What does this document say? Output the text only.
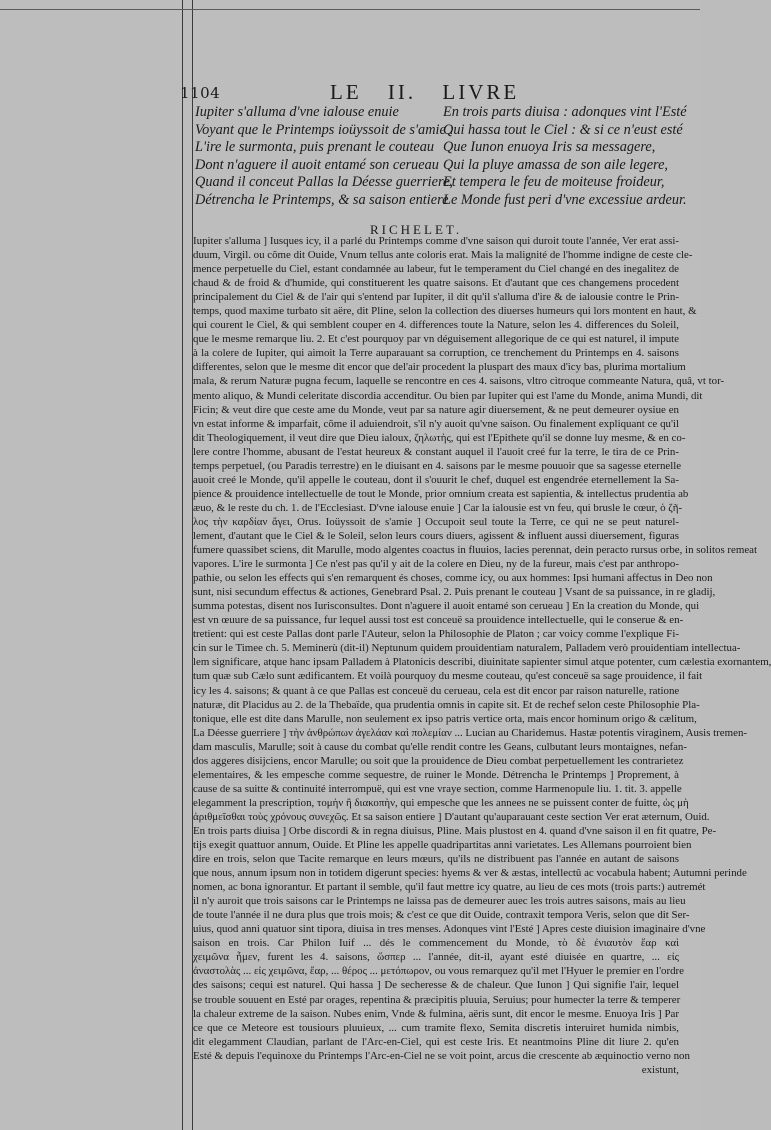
1104	LE II. LIVRE
Iupiter s'alluma d'vne ialouse enuie
Voyant que le Printemps ioüyssoit de s'amie :
L'ire le surmonta, puis prenant le couteau
Dont n'aguere il auoit entamé son cerueau
Quand il conceut Pallas la Déesse guerriere,
Détrencha le Printemps, & sa saison entiere
En trois parts diuisa : adonques vint l'Esté
Qui hassa tout le Ciel : & si ce n'eust esté
Que Iunon enuoya Iris sa messagere,
Qui la pluye amassa de son aile legere,
Et tempera le feu de moiteuse froideur,
Le Monde fust peri d'vne excessiue ardeur.
RICHELET.
Iupiter s'alluma ] Iusques icy, il a parlé du Printemps comme d'vne saison qui duroit toute l'année, Ver erat assi-
duum, Virgil. ou cõme dit Ouide, Vnum tellus ante coloris erat. Mais la malignité de l'homme indigne de ceste cle-
mence perpetuelle du Ciel, estant condamnée au labeur, fut le temperament du Ciel changé en des inegalitez de
chaud & de froid & d'humide, qui constituerent les quatre saisons. Et d'autant que ces changemens procedent
principalement du Ciel & de l'air qui s'entend par Iupiter, il dit qu'il s'alluma d'ire & de ialousie contre le Prin-
temps, quod maxime turbato sit aëre, dit Pline, selon la collection des diuerses humeurs qui lors montent en haut, &
qui courent le Ciel, & qui semblent couper en 4. differences toute la Nature, selon les 4. differences du Soleil,
que le mesme remarque liu. 2. Et c'est pourquoy par vn déguisement allegorique de ce qui est naturel, il impute
à la colere de Iupiter, qui aimoit la Terre auparauant sa corruption, ce trenchement du Printemps en 4. saisons
differentes, selon que le mesme dit encor que del'air procedent la pluspart des maux d'icy bas, plurima mortalium
mala, & rerum Naturæ pugna fecum, laquelle se rencontre en ces 4. saisons, vltro citroque commeante Natura, quâ, vt tor-
mento aliquo, & Mundi celeritate discordia accenditur. Ou bien par Iupiter qui est l'ame du Monde, anima Mundi, dit
Ficin; & veut dire que ceste ame du Monde, veut par sa nature agir diuersement, & ne peut demeurer oysiue en
vn estat informe & imparfait, cõme il aduiendroit, s'il n'y auoit qu'vne saison. Ou finalement expliquant ce qu'il
dit Theologiquement, il veut dire que Dieu ialoux, ζηλωτὴς, qui est l'Epithete qu'il se donne luy mesme, & en co-
lere contre l'homme, abusant de l'estat heureux & constant auquel il l'auoit creé fur la terre, le tira de ce Prin-
temps perpetuel, (ou Paradis terrestre) en le diuisant en 4. saisons par le mesme pouuoir que sa sagesse eternelle
auoit creé le Monde, qu'il appelle le couteau, dont il s'ouurit le chef, duquel est engendrée eternellement la Sa-
pience & prouidence intellectuelle de tout le Monde, prior omnium creata est sapientia, & intellectus prudentia ab
æuo, & le reste du ch. 1. de l'Ecclesiast. D'vne ialouse enuie ] Car la ialousie est vn feu, qui brusle le cœur, ὁ ζῆ-
λος τὴν καρδίαν ἄγει, Orus. Ioüyssoit de s'amie ] Occupoit seul toute la Terre, ce qui ne se peut naturel-
lement, d'autant que le Ciel & le Soleil, selon leurs cours diuers, agissent & influent aussi diuersement, figuras
fumere quassibet sciens, dit Marulle, modo algentes coactus in fluuios, lacies perennat, dein peracto rursus orbe, in solitos remeat
vapores. L'ire le surmonta ] Ce n'est pas qu'il y ait de la colere en Dieu, ny de la fureur, mais c'est par anthropo-
pathie, ou selon les effects qui s'en remarquent és choses, comme icy, ou aux hommes: Ipsi humani affectus in Deo non
sunt, nisi secundum effectus & actiones, Genebrard Psal. 2. Puis prenant le couteau ] Vsant de sa puissance, in re gladij,
summa potestas, disent nos Iurisconsultes. Dont n'aguere il auoit entamé son cerueau ] En la creation du Monde, qui
est vn œuure de sa puissance, fur lequel aussi tost est conceuë sa prouidence intellectuelle, qui le conserue & en-
tretient: qui est ceste Pallas dont parle l'Auteur, selon la Philosophie de Platon ; car voicy comme l'explique Fi-
cin sur le Timee ch. 5. Meminerù (dit-il) Neptunum quidem prouidentiam naturalem, Palladem verò prouidentiam intellectua-
lem significare, atque hanc ipsam Palladem à Platonicis describi, diuinitate sapienter simul atque potenter, cum cælestia exornantem,
tum quæ sub Cælo sunt ædificantem. Et voilà pourquoy du mesme couteau, qu'est conceuë sa sage prouidence, il fait
icy les 4. saisons; & quant à ce que Pallas est conceuë du cerueau, cela est dit encor par raison naturelle, ratione
naturæ, dit Placidus au 2. de la Thebaïde, qua prudentia omnis in capite sit. Et de rechef selon ceste Philosophie Pla-
tonique, elle est dite dans Marulle, non seulement ex ipso patris vertice orta, mais encor hominum origo & cælitum,
La Déesse guerriere ] τὴν ἀνθρώπων ἀγελάαν καὶ πολεμίαν ... Lucian au Charidemus. Hastæ potentis viraginem, Ausis tremen-
dam masculis, Marulle; soit à cause du combat qu'elle rendit contre les Geans, culbutant leurs montaignes, nefan-
dos aggeres disijciens, encor Marulle; ou soit que la prouidence de Dieu combat perpetuellement les contrarietez
elementaires, & les empesche comme sequestre, de ruiner le Monde. Détrencha le Printemps ] Proprement, à
cause de sa suitte & continuité interrompuë, qui est vne vraye section, comme Harmenopule liu. 1. tit. 3. appelle
elegamment la prescription, τομὴν ἢ διακοπὴν, qui empesche que les annees ne se puissent conter de fuitte, ὡς μὴ
ἀριθμεῖσθαι τοὺς χρόνους συνεχῶς. Et sa saison entiere ] D'autant qu'auparauant ceste section Ver erat æternum, Ouid.
En trois parts diuisa ] Orbe discordi & in regna diuisus, Pline. Mais plustost en 4. quand d'vne saison il en fit quatre, Pe-
tijs exegit quattuor annum, Ouide. Et Pline les appelle quadripartitas anni varietates. Les Allemans pourroient bien
dire en trois, selon que Tacite remarque en leurs mœurs, qu'ils ne distribuent pas l'année en autant de saisons
que nous, annum ipsum non in totidem digerunt species: hyems & ver & æstas, intellectû ac vocabula habent; Autumni perinde
nomen, ac bona ignorantur. Et partant il semble, qu'il faut mettre icy quatre, au lieu de ces mots (trois parts:) autremét
il n'y auroit que trois saisons car le Printemps ne laissa pas de demeurer auec les trois autres saisons, mais au lieu
de toute l'année il ne dura plus que trois mois; & c'est ce que dit Ouide, contraxit tempora Veris, selon que dit Ser-
uius, quod anni quatuor sint tipora, diuisa in tres menses. Adonques vint l'Esté ] Apres ceste diuision imaginaire d'vne
saison en trois. Car Philon Iuif ... dés le commencement du Monde, τὸ δὲ ἐνιαυτὸν ἔαρ καὶ
χειμῶνα ἦμεν, furent les 4. saisons, ὥσπερ ... l'année, dit-il, ayant esté diuisée en quartre, ... εἰς
ἀναστολὰς ... εἰς χειμῶνα, ἔαρ, ... θέρος ... μετόπωρον, ou vous remarquez qu'il met l'Hyuer le premier en l'ordre
des saisons; cequi est naturel. Qui hassa ] De secheresse & de chaleur. Que Iunon ] Qui signifie l'air, lequel
se trouble souuent en Esté par orages, repentina & præcipitis pluuia, Seruius; pour humecter la terre & temperer
la chaleur extreme de la saison. Nubes enim, Vnde & fulmina, aëris sunt, dit encor le mesme. Enuoya Iris ] Par
ce que ce Meteore est tousiours pluuieux, ... cum tramite flexo, Semita discretis interuiret humida nimbis,
dit elegamment Claudian, parlant de l'Arc-en-Ciel, qui est ceste Iris. Et neantmoins Pline dit liure 2. qu'en
Esté & depuis l'equinoxe du Printemps l'Arc-en-Ciel ne se voit point, arcus die crescente ab æquinoctio verno non
existunt,
